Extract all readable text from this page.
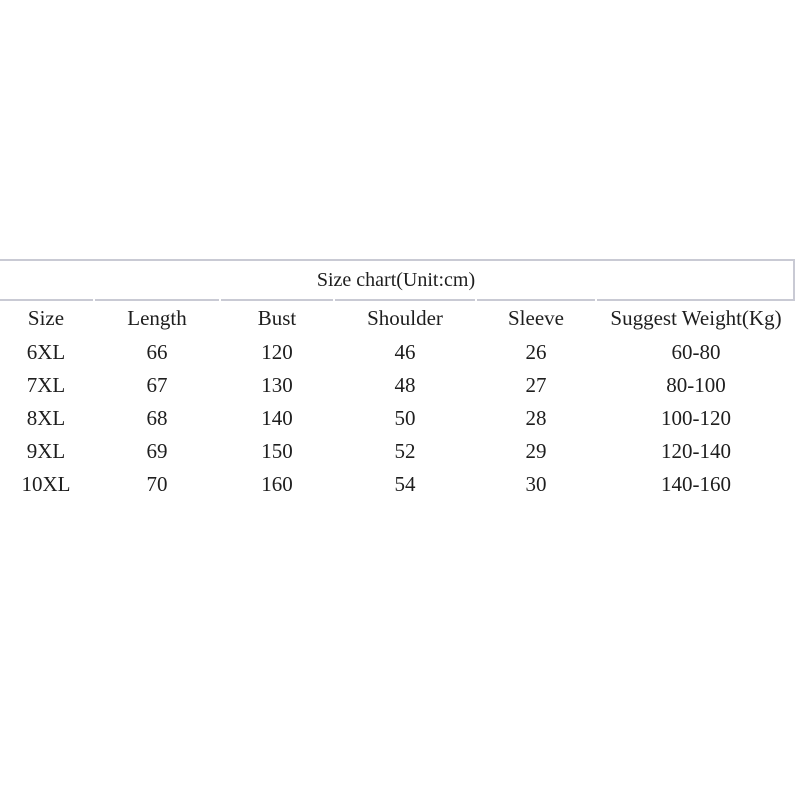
Size chart(Unit:cm)					
Size	Length	Bust	Shoulder	Sleeve	Suggest Weight(Kg)
6XL	66	120	46	26	60-80
7XL	67	130	48	27	80-100
8XL	68	140	50	28	100-120
9XL	69	150	52	29	120-140
10XL	70	160	54	30	140-160
